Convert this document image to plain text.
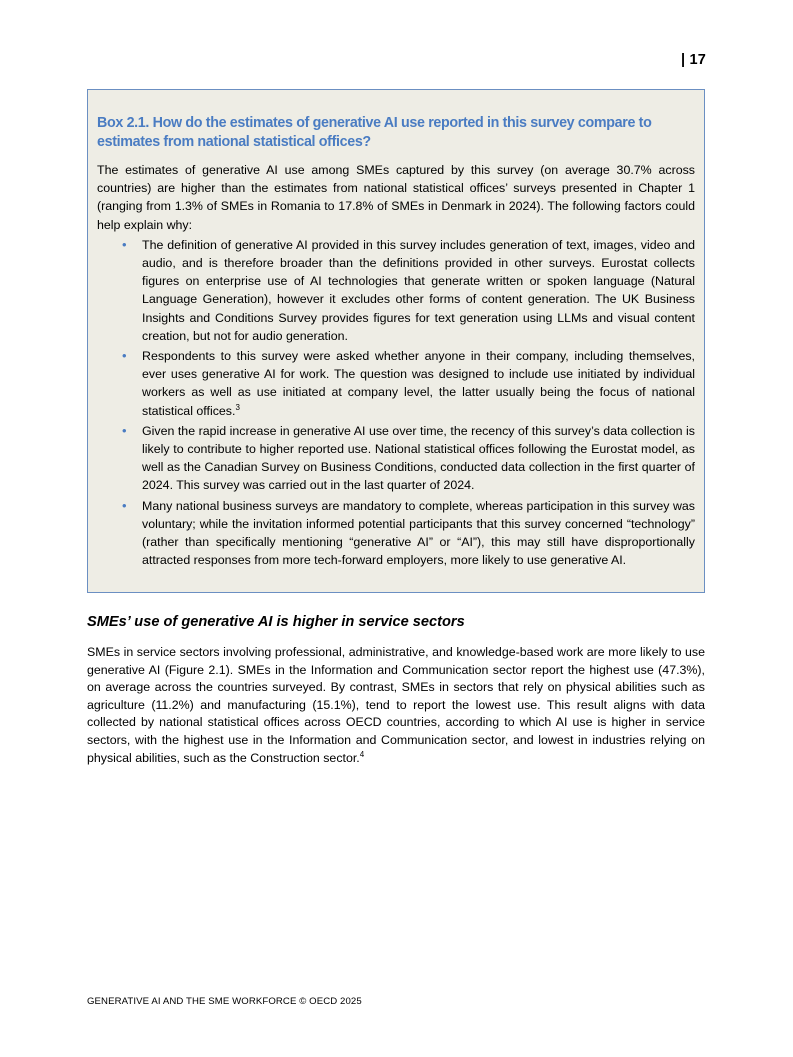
| 17
Box 2.1. How do the estimates of generative AI use reported in this survey compare to estimates from national statistical offices?

The estimates of generative AI use among SMEs captured by this survey (on average 30.7% across countries) are higher than the estimates from national statistical offices’ surveys presented in Chapter 1 (ranging from 1.3% of SMEs in Romania to 17.8% of SMEs in Denmark in 2024). The following factors could help explain why:

• The definition of generative AI provided in this survey includes generation of text, images, video and audio, and is therefore broader than the definitions provided in other surveys. Eurostat collects figures on enterprise use of AI technologies that generate written or spoken language (Natural Language Generation), however it excludes other forms of content generation. The UK Business Insights and Conditions Survey provides figures for text generation using LLMs and visual content creation, but not for audio generation.
• Respondents to this survey were asked whether anyone in their company, including themselves, ever uses generative AI for work. The question was designed to include use initiated by individual workers as well as use initiated at company level, the latter usually being the focus of national statistical offices.$^3$
• Given the rapid increase in generative AI use over time, the recency of this survey’s data collection is likely to contribute to higher reported use. National statistical offices following the Eurostat model, as well as the Canadian Survey on Business Conditions, conducted data collection in the first quarter of 2024. This survey was carried out in the last quarter of 2024.
• Many national business surveys are mandatory to complete, whereas participation in this survey was voluntary; while the invitation informed potential participants that this survey concerned “technology” (rather than specifically mentioning “generative AI” or “AI”), this may still have disproportionally attracted responses from more tech-forward employers, more likely to use generative AI.
SMEs’ use of generative AI is higher in service sectors

SMEs in service sectors involving professional, administrative, and knowledge-based work are more likely to use generative AI (Figure 2.1). SMEs in the Information and Communication sector report the highest use (47.3%), on average across the countries surveyed. By contrast, SMEs in sectors that rely on physical abilities such as agriculture (11.2%) and manufacturing (15.1%), tend to report the lowest use. This result aligns with data collected by national statistical offices across OECD countries, according to which AI use is higher in service sectors, with the highest use in the Information and Communication sector, and lowest in industries relying on physical abilities, such as the Construction sector.$^4$

GENERATIVE AI AND THE SME WORKFORCE © OECD 2025
